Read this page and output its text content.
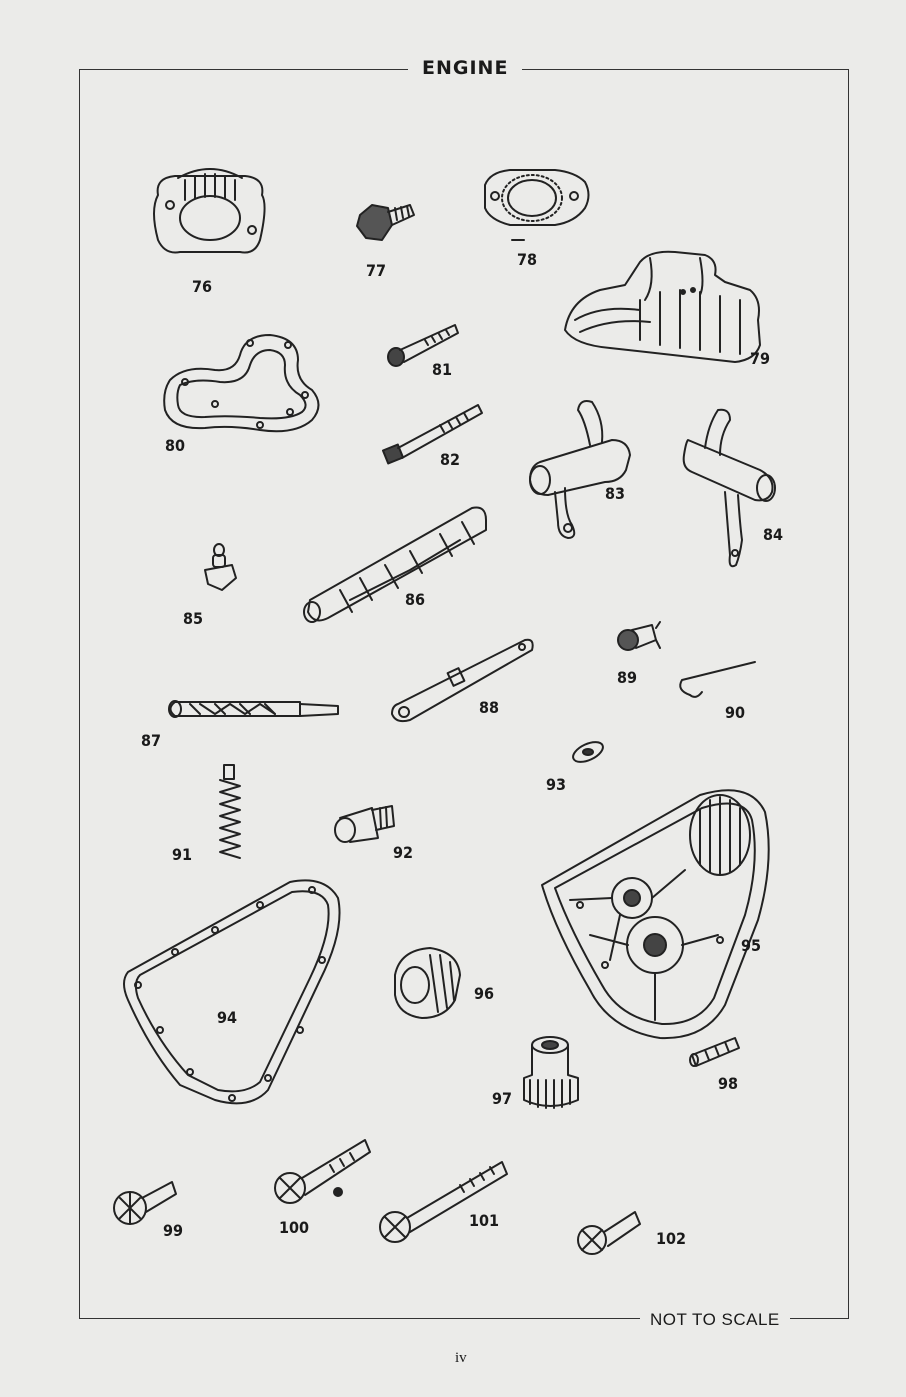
ENGINE
76
77
78
79
80
81
82
83
84
85
86
87
88
89
90
91	92
93
94
95
96
97
98
99	100	101
102
NOT TO SCALE
iv
